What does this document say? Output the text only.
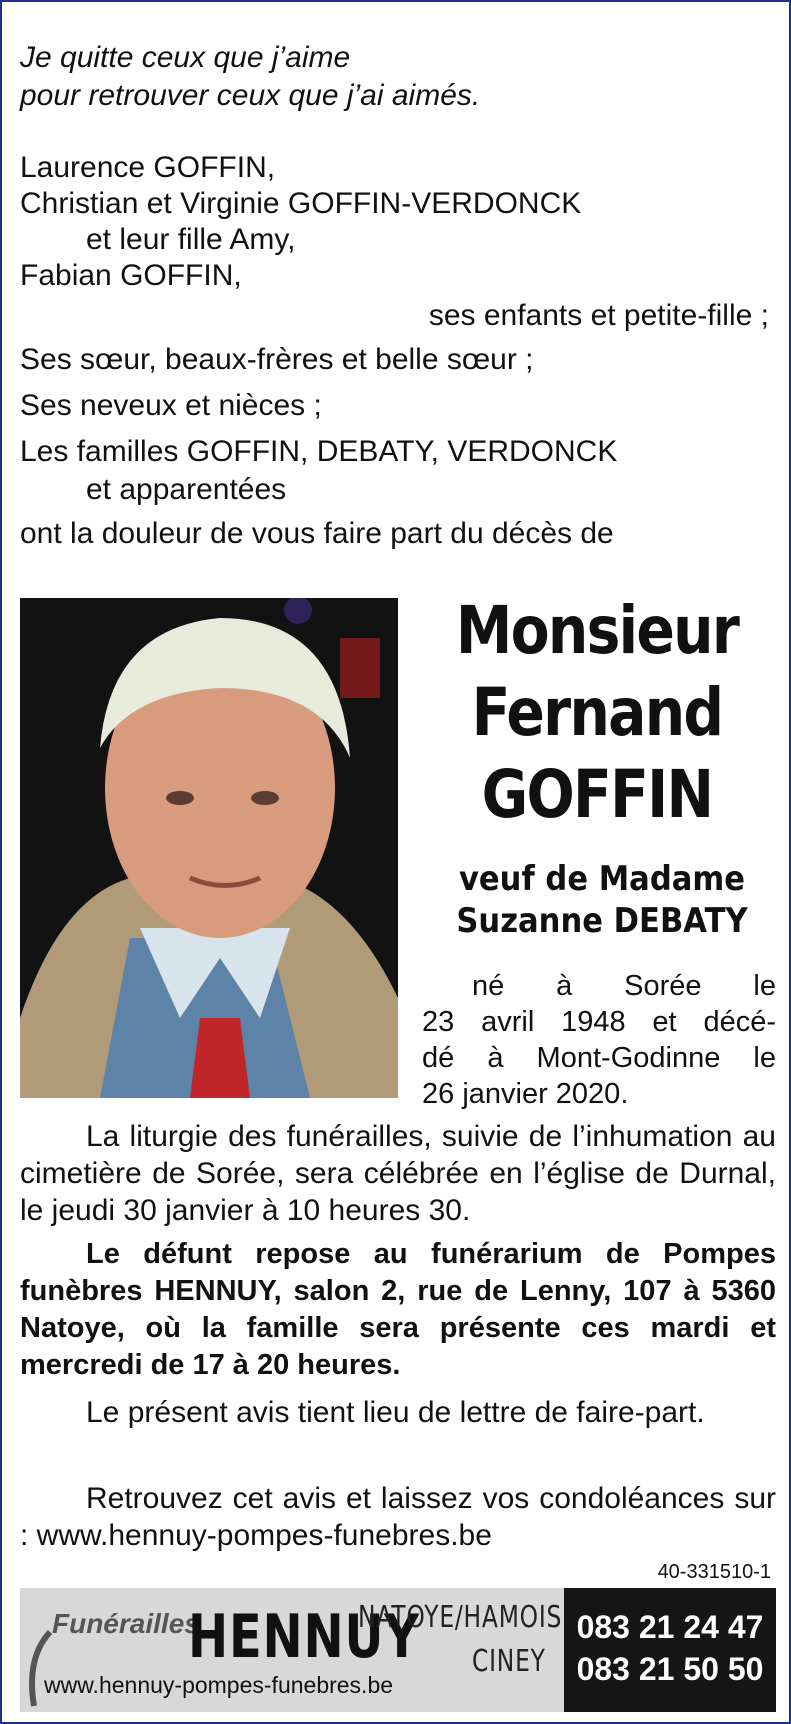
Je quitte ceux que j’aime
pour retrouver ceux que j’ai aimés.
Laurence GOFFIN,
Christian et Virginie GOFFIN-VERDONCK
et leur fille Amy,
Fabian GOFFIN,
ses enfants et petite-fille ;
Ses sœur, beaux-frères et belle sœur ;
Ses neveux et nièces ;
Les familles GOFFIN, DEBATY, VERDONCK
et apparentées
ont la douleur de vous faire part du décès de
Monsieur
Fernand
GOFFIN
veuf de Madame
Suzanne DEBATY
né à Sorée le
23 avril 1948 et décé-
dé à Mont-Godinne le
26 janvier 2020.
La liturgie des funérailles, suivie de l’inhumation au cimetière de Sorée, sera célébrée en l’église de Durnal, le jeudi 30 janvier à 10 heures 30.
Le défunt repose au funérarium de Pompes funèbres HENNUY, salon 2, rue de Lenny, 107 à 5360 Natoye, où la famille sera présente ces mardi et mercredi de 17 à 20 heures.
Le présent avis tient lieu de lettre de faire-part.
Retrouvez cet avis et laissez vos condoléances sur : www.hennuy-pompes-funebres.be
40-331510-1
Funérailles
HENNUY
NATOYE/HAMOIS
CINEY
www.hennuy-pompes-funebres.be
083 21 24 47
083 21 50 50
